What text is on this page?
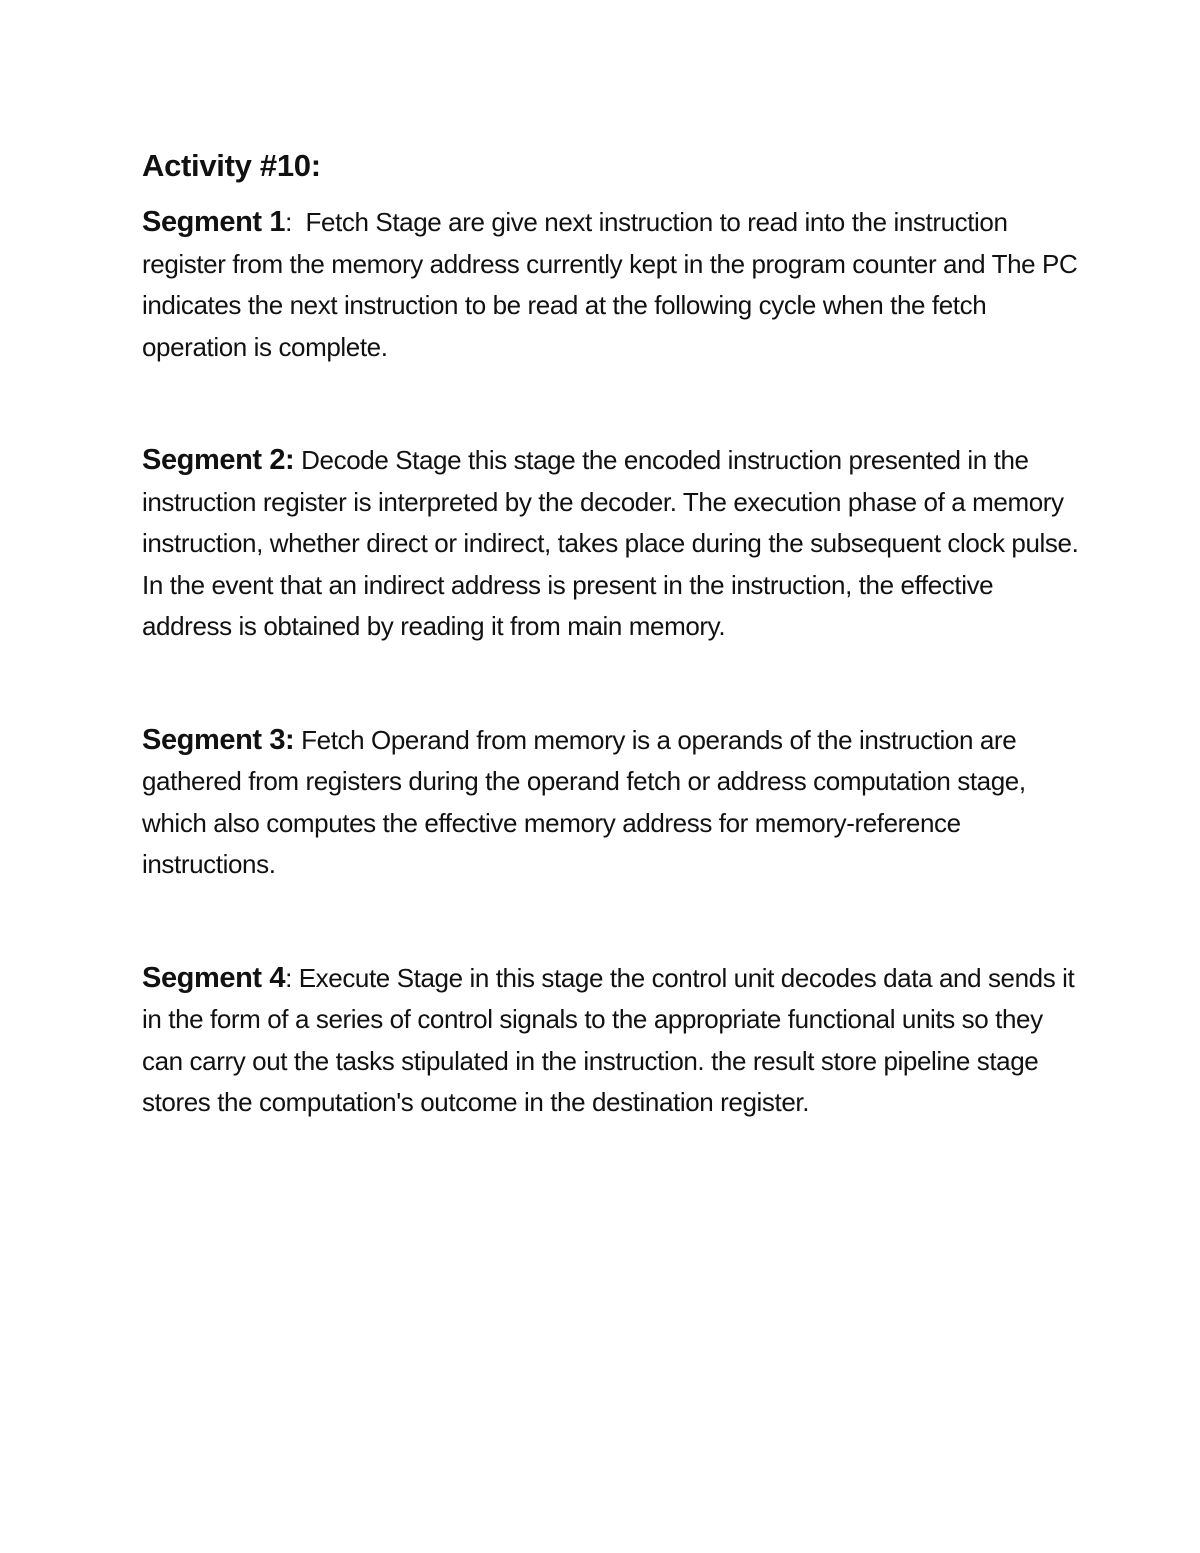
Activity #10:

Segment 1:  Fetch Stage are give next instruction to read into the instruction register from the memory address currently kept in the program counter and The PC indicates the next instruction to be read at the following cycle when the fetch operation is complete.

Segment 2: Decode Stage this stage the encoded instruction presented in the instruction register is interpreted by the decoder. The execution phase of a memory instruction, whether direct or indirect, takes place during the subsequent clock pulse. In the event that an indirect address is present in the instruction, the effective address is obtained by reading it from main memory.

Segment 3: Fetch Operand from memory is a operands of the instruction are gathered from registers during the operand fetch or address computation stage, which also computes the effective memory address for memory-reference instructions.

Segment 4: Execute Stage in this stage the control unit decodes data and sends it in the form of a series of control signals to the appropriate functional units so they can carry out the tasks stipulated in the instruction. the result store pipeline stage stores the computation's outcome in the destination register.
